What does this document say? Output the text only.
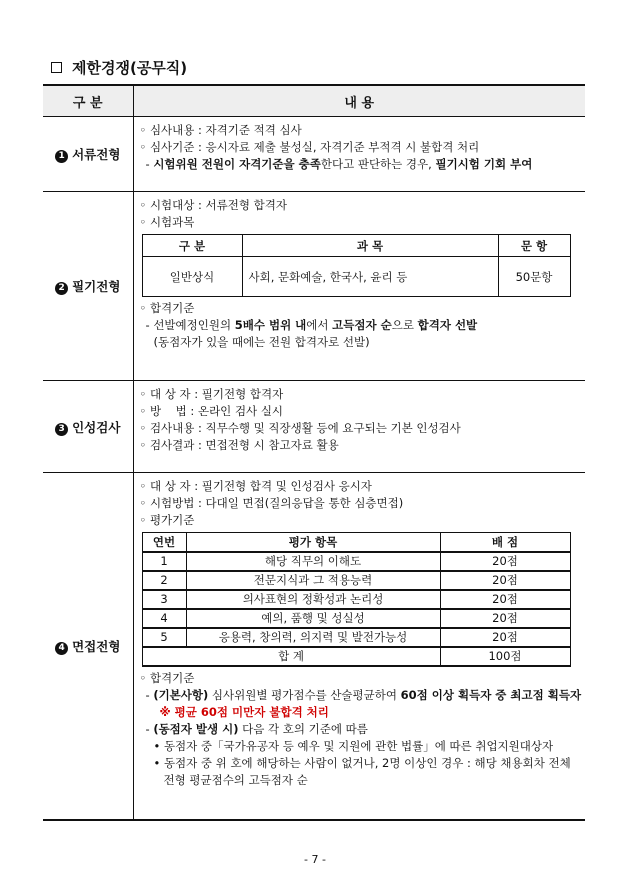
제한경쟁(공무직)
구 분	내 용
1 서류전형	
◦ 심사내용 : 자격기준 적격 심사
◦ 심사기준 : 응시자료 제출 불성실, 자격기준 부적격 시 불합격 처리
- 시험위원 전원이 자격기준을 충족한다고 판단하는 경우, 필기시험 기회 부여

2 필기전형	
◦ 시험대상 : 서류전형 합격자
◦ 시험과목
구 분	과 목	문 항
일반상식	사회, 문화예술, 한국사, 윤리 등	50문항
◦ 합격기준
- 선발예정인원의 5배수 범위 내에서 고득점자 순으로 합격자 선발
(동점자가 있을 때에는 전원 합격자로 선발)

3 인성검사	
◦ 대 상 자 : 필기전형 합격자
◦ 방    법 : 온라인 검사 실시
◦ 검사내용 : 직무수행 및 직장생활 등에 요구되는 기본 인성검사
◦ 검사결과 : 면접전형 시 참고자료 활용

4 면접전형	
◦ 대 상 자 : 필기전형 합격 및 인성검사 응시자
◦ 시험방법 : 다대일 면접(질의응답을 통한 심층면접)
◦ 평가기준
연번	평가 항목	배 점
1	해당 직무의 이해도	20점
2	전문지식과 그 적용능력	20점
3	의사표현의 정확성과 논리성	20점
4	예의, 품행 및 성실성	20점
5	응용력, 창의력, 의지력 및 발전가능성	20점
합 계	100점
◦ 합격기준
- (기본사항) 심사위원별 평가점수를 산술평균하여 60점 이상 획득자 중 최고점 획득자
※ 평균 60점 미만자 불합격 처리
- (동점자 발생 시) 다음 각 호의 기준에 따름
• 동점자 중「국가유공자 등 예우 및 지원에 관한 법률」에 따른 취업지원대상자
• 동점자 중 위 호에 해당하는 사람이 없거나, 2명 이상인 경우 : 해당 채용회차 전체
전형 평균점수의 고득점자 순
- 7 -
